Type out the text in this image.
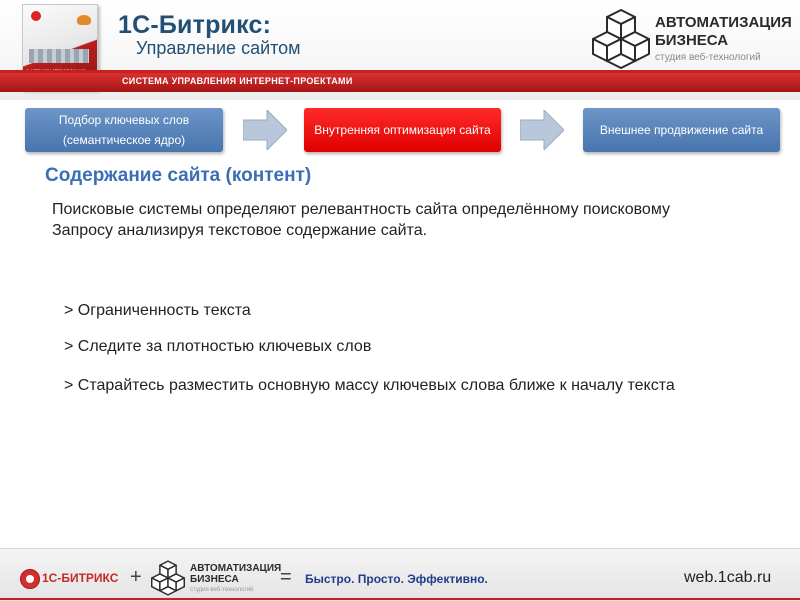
1С-Битрикс:
Управление сайтом
АВТОМАТИЗАЦИЯ
БИЗНЕСА
студия веб-технологий
СИСТЕМА УПРАВЛЕНИЯ ИНТЕРНЕТ-ПРОЕКТАМИ
Подбор ключевых слов
(семантическое ядро)
Внутренняя оптимизация сайта	Внешнее продвижение сайта
Содержание сайта (контент)

Поисковые системы определяют релевантность сайта определённому поисковому

Запросу анализируя текстовое содержание сайта.

> Ограниченность текста
> Следите за плотностью ключевых слов
> Старайтесь разместить основную массу ключевых слова ближе к началу текста
1С-БИТРИКС +	АВТОМАТИЗАЦИЯ
БИЗНЕСА
студия веб-технологий
= Быстро. Просто. Эффективно.	web.1cab.ru
